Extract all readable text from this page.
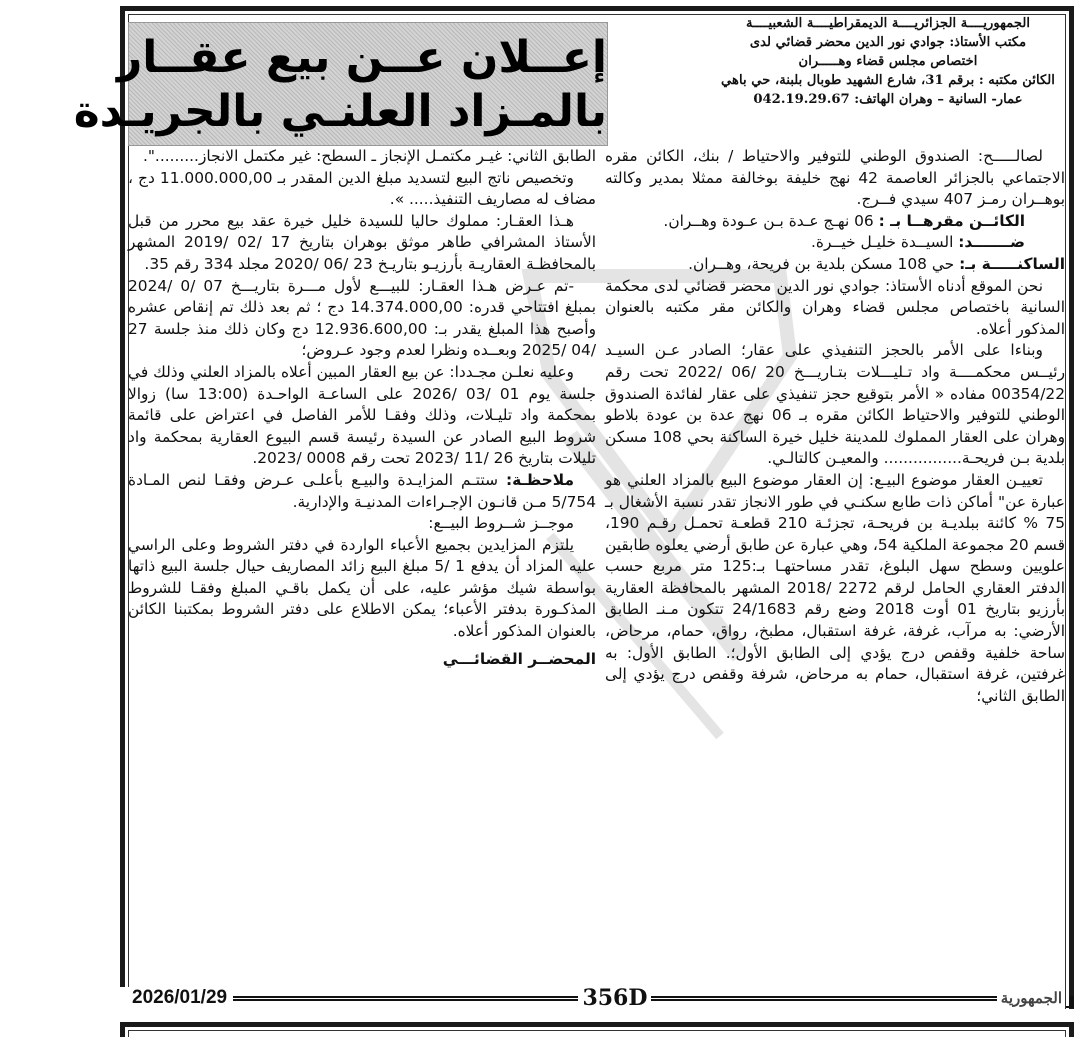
الجمهوريــــة الجزائريــــة الديمقراطيــــة الشعبيــــة
مكتب الأستاذ: جوادي نور الدين محضر قضائي لدى
اختصاص مجلس قضاء وهـــــران
الكائن مكتبه : برقم 31، شارع الشهيد طوبال بلبنة، حي باهي
عمار- السانية – وهران الهاتف: 042.19.29.67
إعــلان عــن بيع عقــار
بالمـزاد العلنـي بالجريـدة

لصالـــــح: الصندوق الوطني للتوفير والاحتياط / بنك، الكائن مقره الاجتماعي بالجزائر العاصمة 42 نهج خليفة بوخالفة ممثلا بمدير وكالته بوهــران رمـز 407 سيدي فــرج.

الكائــن مقرهــا بـ : 06 نهـج عـدة بـن عـودة وهــران.

ضـــــــد: السيــدة خليـل خيــرة.

الساكنـــــة بـ: حي 108 مسكن بلدية بن فريحة، وهــران.

نحن الموقع أدناه الأستاذ: جوادي نور الدين محضر قضائي لدى محكمة السانية باختصاص مجلس قضاء وهران والكائن مقر مكتبه بالعنوان المذكور أعلاه.

وبناءا على الأمر بالحجز التنفيذي على عقار؛ الصادر عـن السيـد رئيــس محكمــــة واد تـليـــلات بتـاريـــخ 20 /06 /2022 تحت رقم 00354/22 مفاده « الأمر بتوقيع حجز تنفيذي على عقار لفائدة الصندوق الوطني للتوفير والاحتياط الكائن مقره بـ 06 نهج عدة بن عودة بلاطو وهران على العقار المملوك للمدينة خليل خيرة الساكنة بحي 108 مسكن بلدية بـن فريحـة................ والمعيـن كالتالـي.

تعييـن العقار موضوع البيـع: إن العقار موضوع البيع بالمزاد العلني هو عبارة عن" أماكن ذات طابع سكنـي في طور الانجاز تقدر نسبة الأشغال بـ 75 % كائنة ببلديـة بن فريحـة، تجزئـة 210 قطعـة تحمـل رقـم 190، قسم 20 مجموعة الملكية 54، وهي عبارة عن طابق أرضي يعلوه طابقين علويين وسطح سهل البلوغ، تقدر مساحتهـا بـ:125 متر مربع حسب الدفتر العقاري الحامل لرقم 2272 /2018 المشهر بالمحافظة العقارية بأرزيو بتاريخ 01 أوت 2018 وضع رقم 24/1683 تتكون مـنـ الطابق الأرضي: به مرآب، غرفة، غرفة استقبال، مطبخ، رواق، حمام، مرحاض، ساحة خلفية وقفص درج يؤدي إلى الطابق الأول؛. الطابق الأول: به غرفتين، غرفة استقبال، حمام به مرحاض، شرفة وقفص درج يؤدي إلى الطابق الثاني؛

الطابق الثاني: غيـر مكتمـل الإنجاز ـ السطح: غير مكتمل الانجاز.........".

وتخصيص ناتج البيع لتسديد مبلغ الدين المقدر بـ 11.000.000,00 دج ، مضاف له مصاريف التنفيذ..... ».

هـذا العقـار: مملوك حاليا للسيدة خليل خيرة عقد بيع محرر من قبل الأستاذ المشرافي طاهر موثق بوهران بتاريخ 17 /02 /2019 المشهر بالمحافظـة العقاريـة بأرزيـو بتاريـخ 23 /06 /2020 مجلد 334 رقم 35.

-تم عـرض هـذا العقـار: للبيـــع لأول مـــرة بتاريـــخ 07 /0 /2024 بمبلغ افتتاحي قدره: 14.374.000,00 دج ؛ ثم بعد ذلك تم إنقاص عشره وأصبح هذا المبلغ يقدر بـ: 12.936.600,00 دج وكان ذلك منذ جلسة 27 /04 /2025 وبعــده ونظرا لعدم وجود عـروض؛

وعليه نعلـن مجـددا: عن بيع العقار المبين أعلاه بالمزاد العلني وذلك في جلسة يوم 01 /03 /2026 على الساعـة الواحـدة (13:00 سا) زوالا بمحكمة واد تليـلات، وذلك وفقـا للأمر الفاصل في اعتراض على قائمة شروط البيع الصادر عن السيدة رئيسة قسم البيوع العقارية بمحكمة واد تليلات بتاريخ 26 /11 /2023 تحت رقم 0008 /2023.

ملاحظـة: ستتـم المزايـدة والبيـع بأعلـى عـرض وفقـا لنص المـادة 5/754 مـن قانـون الإجـراءات المدنيـة والإدارية.

موجــز شــروط البيــع:

يلتزم المزايدين بجميع الأعباء الواردة في دفتر الشروط وعلى الراسي عليه المزاد أن يدفع 1 /5 مبلغ البيع زائد المصاريف حيال جلسة البيع ذاتها بواسطة شيك مؤشر عليه، على أن يكمل باقـي المبلغ وفقـا للشروط المذكـورة بدفتر الأعباء؛ يمكن الاطلاع على دفتر الشروط بمكتبنا الكائن بالعنوان المذكور أعلاه.

المحضــر القضائـــي

2026/01/29	356D	الجمهورية
